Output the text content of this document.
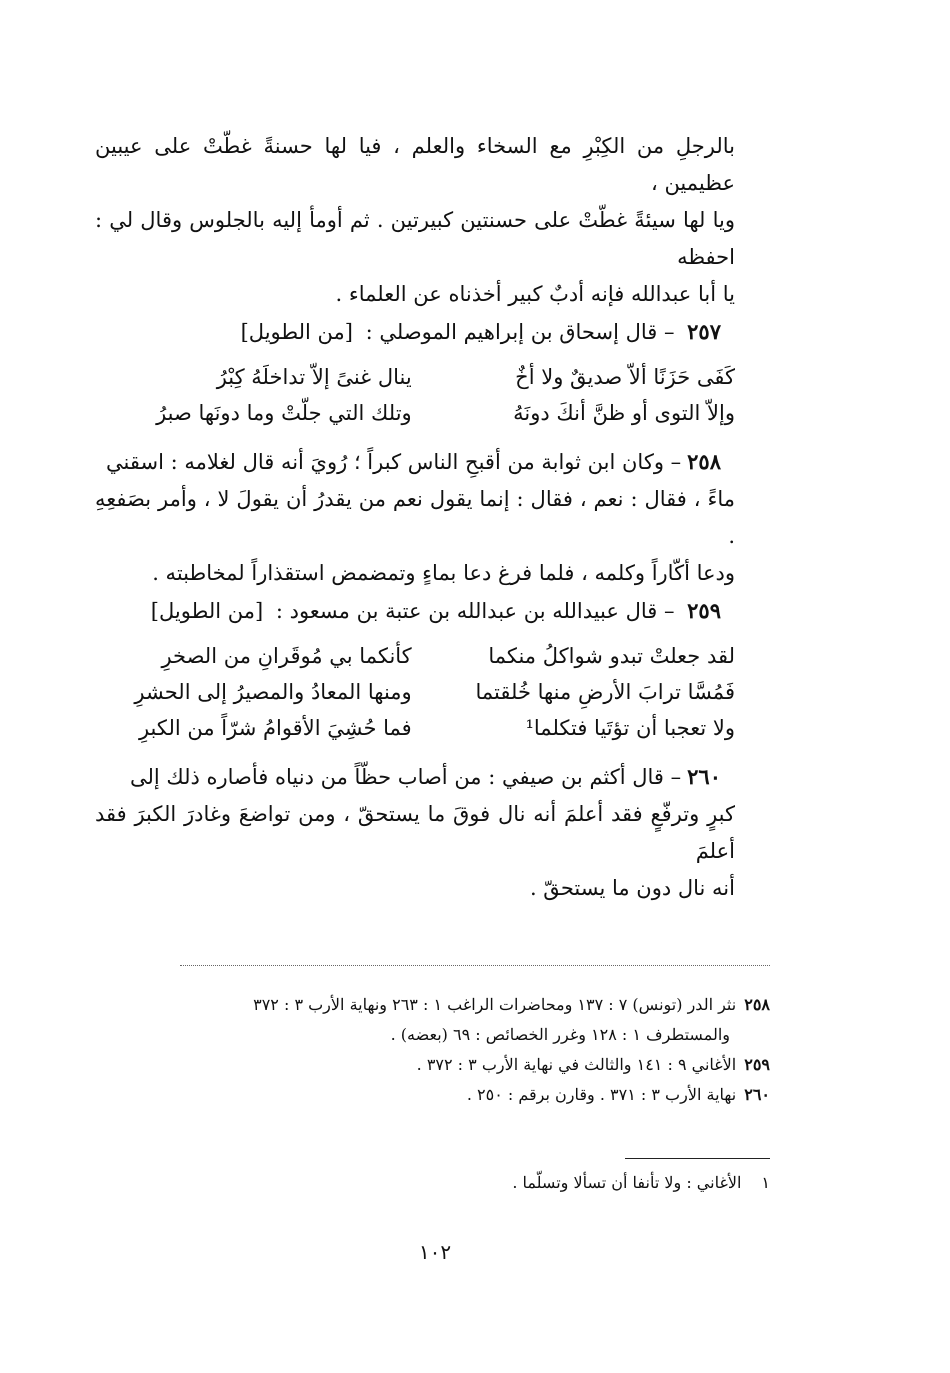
بالرجلِ من الكِبْرِ مع السخاء والعلم ، فيا لها حسنةً غطّتْ على عيبين عظيمين ،
ويا لها سيئةً غطّتْ على حسنتين كبيرتين . ثم أومأ إليه بالجلوس وقال لي : احفظه
يا أبا عبدالله فإنه أدبٌ كبير أخذناه عن العلماء .
٢٥٧ – قال إسحاق بن إبراهيم الموصلي : [من الطويل]
كَفَى حَزَنًا ألاّ صديقٌ ولا أخٌ
ينال غنىً إلاّ تداخلَهُ كِبْرُ
وإلاّ التوى أو ظنَّ أنكَ دونَهُ
وتلك التي جلّتْ وما دونَها صبرُ
٢٥٨– وكان ابن ثوابة من أقبحِ الناس كبراً ؛ رُويَ أنه قال لغلامه : اسقني
ماءً ، فقال : نعم ، فقال : إنما يقول نعم من يقدرُ أن يقولَ لا ، وأمر بصَفعِهِ .
ودعا أكّاراً وكلمه ، فلما فرغ دعا بماءٍ وتمضمض استقذاراً لمخاطبته .
٢٥٩ – قال عبيدالله بن عبدالله بن عتبة بن مسعود : [من الطويل]
لقد جعلتْ تبدو شواكلُ منكما
كأنكما بي مُوقَرانِ من الصخرِ
فَمُسَّا ترابَ الأرضِ منها خُلقتما
ومنها المعادُ والمصيرُ إلى الحشرِ
ولا تعجبا أن تؤتَيا فتكلما¹
فما حُشِيَ الأقوامُ شرّاً من الكبرِ
٢٦٠– قال أكثم بن صيفي : من أصاب حظّاً من دنياه فأصاره ذلك إلى
كبرٍ وترفّعٍ فقد أعلمَ أنه نال فوقَ ما يستحقّ ، ومن تواضعَ وغادرَ الكبرَ فقد أعلمَ
أنه نال دون ما يستحقّ .
٢٥٨نثر الدر (تونس) ٧ : ١٣٧ ومحاضرات الراغب ١ : ٢٦٣ ونهاية الأرب ٣ : ٣٧٢
والمستطرف ١ : ١٢٨ وغرر الخصائص : ٦٩ (بعضه) .
٢٥٩الأغاني ٩ : ١٤١ والثالث في نهاية الأرب ٣ : ٣٧٢ .
٢٦٠نهاية الأرب ٣ : ٣٧١ . وقارن برقم : ٢٥٠ .
١الأغاني : ولا تأنفا أن تسألا وتسلّما .
١٠٢
